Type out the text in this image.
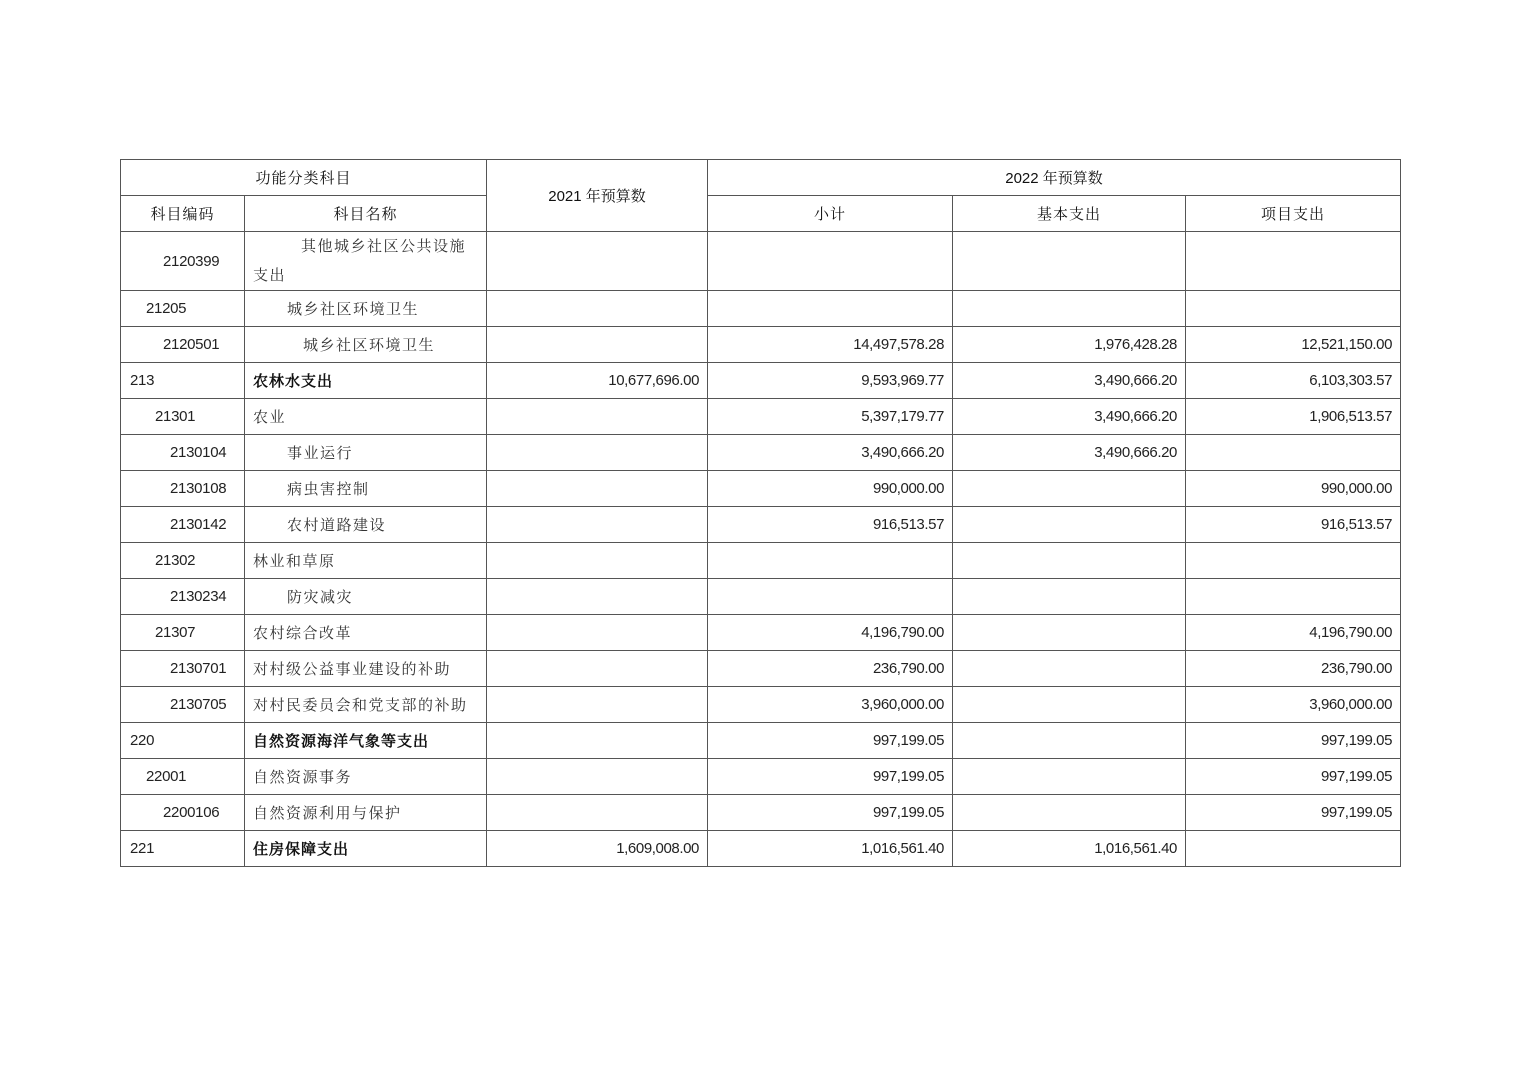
功能分类科目		2021 年预算数	2022 年预算数		
科目编码	科目名称		小计	基本支出	项目支出
2120399	其他城乡社区公共设施支出				
21205	城乡社区环境卫生				
2120501	城乡社区环境卫生		14,497,578.28	1,976,428.28	12,521,150.00
213	农林水支出	10,677,696.00	9,593,969.77	3,490,666.20	6,103,303.57
21301	农业		5,397,179.77	3,490,666.20	1,906,513.57
2130104	事业运行		3,490,666.20	3,490,666.20	
2130108	病虫害控制		990,000.00		990,000.00
2130142	农村道路建设		916,513.57		916,513.57
21302	林业和草原				
2130234	防灾减灾				
21307	农村综合改革		4,196,790.00		4,196,790.00
2130701	对村级公益事业建设的补助		236,790.00		236,790.00
2130705	对村民委员会和党支部的补助		3,960,000.00		3,960,000.00
220	自然资源海洋气象等支出		997,199.05		997,199.05
22001	自然资源事务		997,199.05		997,199.05
2200106	自然资源利用与保护		997,199.05		997,199.05
221	住房保障支出	1,609,008.00	1,016,561.40	1,016,561.40	
